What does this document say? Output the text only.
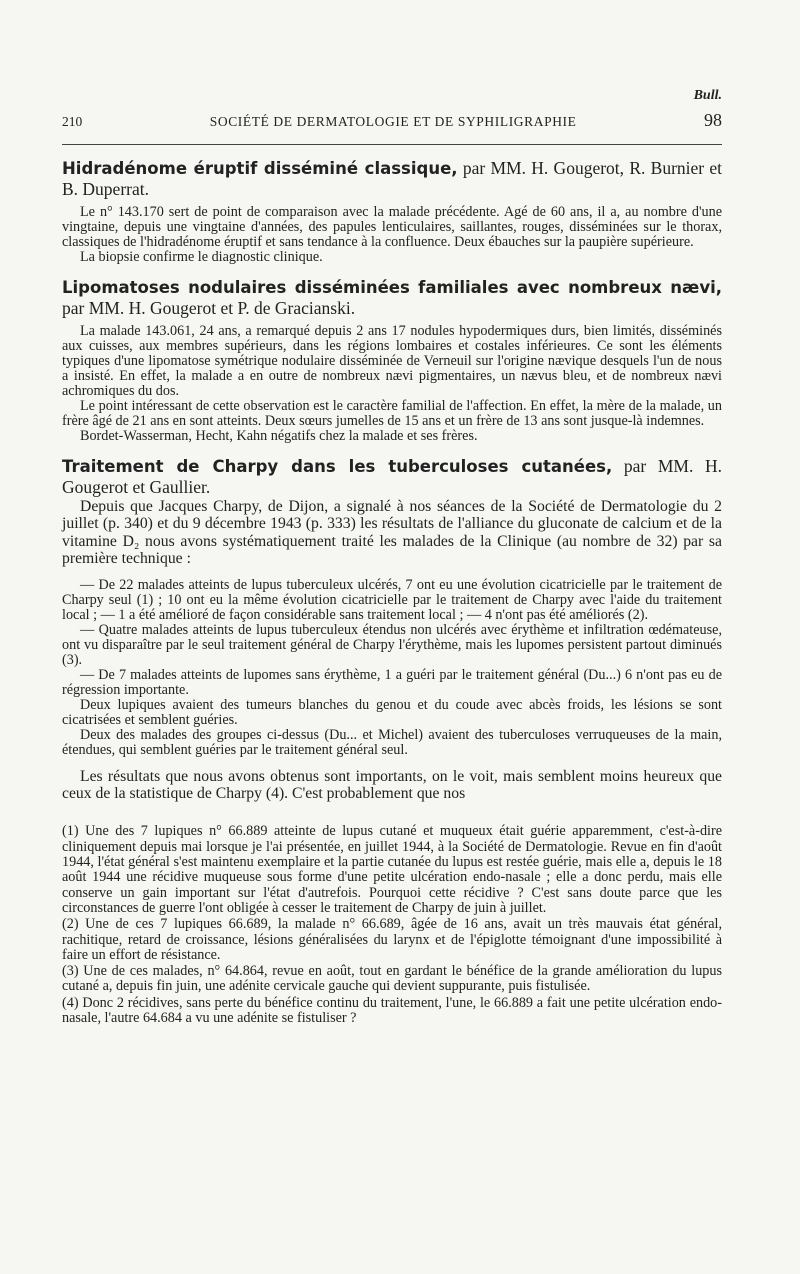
Bull.
210	SOCIÉTÉ DE DERMATOLOGIE ET DE SYPHILIGRAPHIE	98
Hidradénome éruptif disséminé classique, par MM. H. Gougerot, R. Burnier et B. Duperrat.

Le n° 143.170 sert de point de comparaison avec la malade précédente. Agé de 60 ans, il a, au nombre d'une vingtaine, depuis une vingtaine d'années, des papules lenticulaires, saillantes, rouges, disséminées sur le thorax, classiques de l'hidradénome éruptif et sans tendance à la confluence. Deux ébauches sur la paupière supérieure.

La biopsie confirme le diagnostic clinique.

Lipomatoses nodulaires disséminées familiales avec nombreux nævi, par MM. H. Gougerot et P. de Gracianski.

La malade 143.061, 24 ans, a remarqué depuis 2 ans 17 nodules hypodermiques durs, bien limités, disséminés aux cuisses, aux membres supérieurs, dans les régions lombaires et costales inférieures. Ce sont les éléments typiques d'une lipomatose symétrique nodulaire disséminée de Verneuil sur l'origine nævique desquels l'un de nous a insisté. En effet, la malade a en outre de nombreux nævi pigmentaires, un nævus bleu, et de nombreux nævi achromiques du dos.

Le point intéressant de cette observation est le caractère familial de l'affection. En effet, la mère de la malade, un frère âgé de 21 ans en sont atteints. Deux sœurs jumelles de 15 ans et un frère de 13 ans sont jusque-là indemnes.

Bordet-Wasserman, Hecht, Kahn négatifs chez la malade et ses frères.

Traitement de Charpy dans les tuberculoses cutanées, par MM. H. Gougerot et Gaullier.

Depuis que Jacques Charpy, de Dijon, a signalé à nos séances de la Société de Dermatologie du 2 juillet (p. 340) et du 9 décembre 1943 (p. 333) les résultats de l'alliance du gluconate de calcium et de la vitamine D₂ nous avons systématiquement traité les malades de la Clinique (au nombre de 32) par sa première technique :

— De 22 malades atteints de lupus tuberculeux ulcérés, 7 ont eu une évolution cicatricielle par le traitement de Charpy seul (1) ; 10 ont eu la même évolution cicatricielle par le traitement de Charpy avec l'aide du traitement local ; — 1 a été amélioré de façon considérable sans traitement local ; — 4 n'ont pas été améliorés (2).

— Quatre malades atteints de lupus tuberculeux étendus non ulcérés avec érythème et infiltration œdémateuse, ont vu disparaître par le seul traitement général de Charpy l'érythème, mais les lupomes persistent partout diminués (3).

— De 7 malades atteints de lupomes sans érythème, 1 a guéri par le traitement général (Du...) 6 n'ont pas eu de régression importante.

Deux lupiques avaient des tumeurs blanches du genou et du coude avec abcès froids, les lésions se sont cicatrisées et semblent guéries.

Deux des malades des groupes ci-dessus (Du... et Michel) avaient des tuberculoses verruqueuses de la main, étendues, qui semblent guéries par le traitement général seul.

Les résultats que nous avons obtenus sont importants, on le voit, mais semblent moins heureux que ceux de la statistique de Charpy (4). C'est probablement que nos

(1) Une des 7 lupiques n° 66.889 atteinte de lupus cutané et muqueux était guérie apparemment, c'est-à-dire cliniquement depuis mai lorsque je l'ai présentée, en juillet 1944, à la Société de Dermatologie. Revue en fin d'août 1944, l'état général s'est maintenu exemplaire et la partie cutanée du lupus est restée guérie, mais elle a, depuis le 18 août 1944 une récidive muqueuse sous forme d'une petite ulcération endo-nasale ; elle a donc perdu, mais elle conserve un gain important sur l'état d'autrefois. Pourquoi cette récidive ? C'est sans doute parce que les circonstances de guerre l'ont obligée à cesser le traitement de Charpy de juin à juillet.

(2) Une de ces 7 lupiques 66.689, la malade n° 66.689, âgée de 16 ans, avait un très mauvais état général, rachitique, retard de croissance, lésions généralisées du larynx et de l'épiglotte témoignant d'une impossibilité à faire un effort de résistance.

(3) Une de ces malades, n° 64.864, revue en août, tout en gardant le bénéfice de la grande amélioration du lupus cutané a, depuis fin juin, une adénite cervicale gauche qui devient suppurante, puis fistulisée.

(4) Donc 2 récidives, sans perte du bénéfice continu du traitement, l'une, le 66.889 a fait une petite ulcération endo-nasale, l'autre 64.684 a vu une adénite se fistuliser ?
